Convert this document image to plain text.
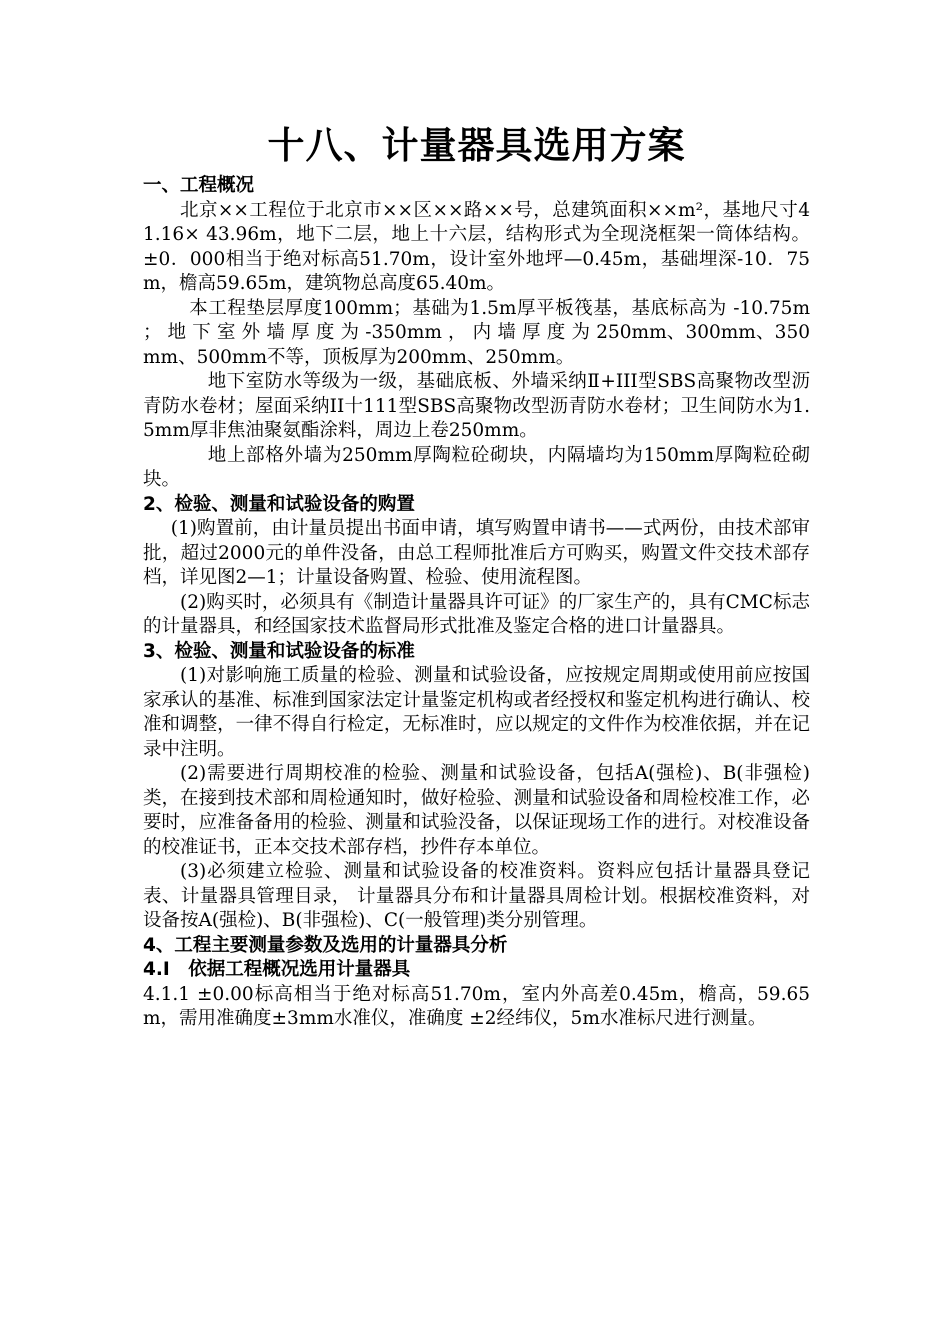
十八、计量器具选用方案
一、工程概况

北京××工程位于北京市××区××路××号，总建筑面积××m²，基地尺寸41.16× 43.96m，地下二层，地上十六层，结构形式为全现浇框架一筒体结构。±0．000相当于绝对标高51.70m，设计室外地坪—0.45m，基础埋深-10．75m，檐高59.65m，建筑物总高度65.40m。

本工程垫层厚度100mm；基础为1.5m厚平板筏基，基底标高为 -10.75m ； 地 下 室 外 墙 厚 度 为 -350mm ， 内 墙 厚 度 为 250mm、300mm、350mm、500mm不等，顶板厚为200mm、250mm。

地下室防水等级为一级，基础底板、外墙采纳Ⅱ+III型SBS高聚物改型沥青防水卷材；屋面采纳II十111型SBS高聚物改型沥青防水卷材；卫生间防水为1.5mm厚非焦油聚氨酯涂料，周边上卷250mm。

地上部格外墙为250mm厚陶粒砼砌块，内隔墙均为150mm厚陶粒砼砌块。

2、检验、测量和试验设备的购置

(1)购置前，由计量员提出书面申请，填写购置申请书——式两份，由技术部审批，超过2000元的单件没备，由总工程师批准后方可购买，购置文件交技术部存档，详见图2—1；计量设备购置、检验、使用流程图。

(2)购买时，必须具有《制造计量器具许可证》的厂家生产的，具有CMC标志的计量器具，和经国家技术监督局形式批准及鉴定合格的进口计量器具。

3、检验、测量和试验设备的标准

(1)对影响施工质量的检验、测量和试验设备，应按规定周期或使用前应按国家承认的基准、标准到国家法定计量鉴定机构或者经授权和鉴定机构进行确认、校准和调整，一律不得自行检定，无标准时，应以规定的文件作为校准依据，并在记录中注明。

(2)需要进行周期校准的检验、测量和试验设备，包括A(强检)、B(非强检)类，在接到技术部和周检通知时，做好检验、测量和试验设备和周检校准工作，必要时，应准备备用的检验、测量和试验没备，以保证现场工作的进行。对校准设备的校准证书，正本交技术部存档，抄件存本单位。

(3)必须建立检验、测量和试验设备的校准资料。资料应包括计量器具登记表、计量器具管理目录， 计量器具分布和计量器具周检计划。根据校准资料，对设备按A(强检)、B(非强检)、C(一般管理)类分别管理。

4、工程主要测量参数及选用的计量器具分析
4.Ⅰ　依据工程概况选用计量器具

4.1.1 ±0.00标高相当于绝对标高51.70m，室内外高差0.45m，檐高，59.65m，需用准确度±3mm水准仪，准确度 ±2经纬仪，5m水准标尺进行测量。
